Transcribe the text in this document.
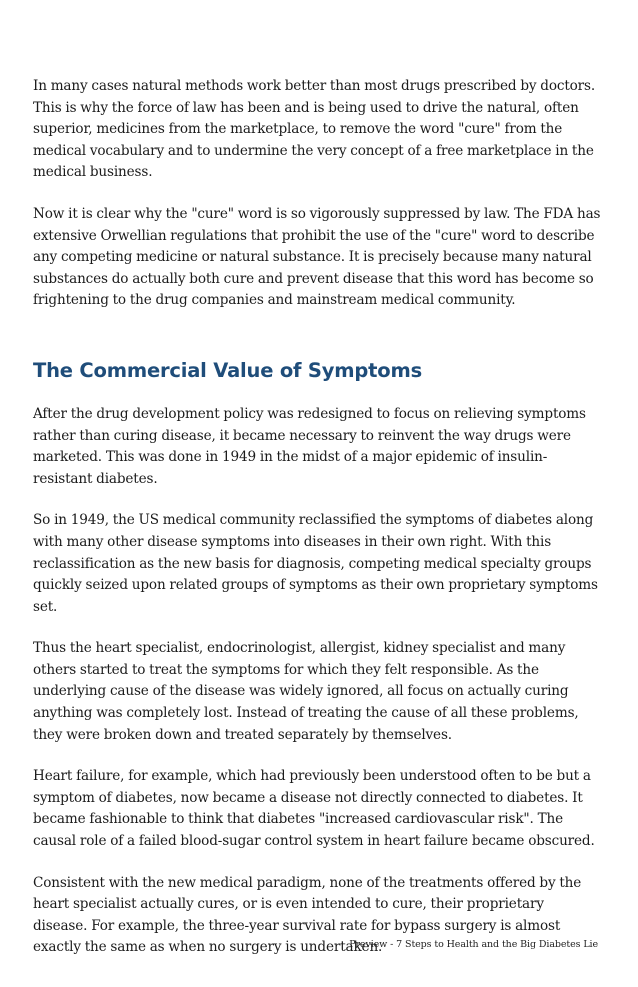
In many cases natural methods work better than most drugs prescribed by doctors. This is why the force of law has been and is being used to drive the natural, often superior, medicines from the marketplace, to remove the word "cure" from the medical vocabulary and to undermine the very concept of a free marketplace in the medical business.

Now it is clear why the "cure" word is so vigorously suppressed by law. The FDA has extensive Orwellian regulations that prohibit the use of the "cure" word to describe any competing medicine or natural substance. It is precisely because many natural substances do actually both cure and prevent disease that this word has become so frightening to the drug companies and mainstream medical community.

The Commercial Value of Symptoms

After the drug development policy was redesigned to focus on relieving symptoms rather than curing disease, it became necessary to reinvent the way drugs were marketed. This was done in 1949 in the midst of a major epidemic of insulin-resistant diabetes.

So in 1949, the US medical community reclassified the symptoms of diabetes along with many other disease symptoms into diseases in their own right. With this reclassification as the new basis for diagnosis, competing medical specialty groups quickly seized upon related groups of symptoms as their own proprietary symptoms set.

Thus the heart specialist, endocrinologist, allergist, kidney specialist and many others started to treat the symptoms for which they felt responsible. As the underlying cause of the disease was widely ignored, all focus on actually curing anything was completely lost. Instead of treating the cause of all these problems, they were broken down and treated separately by themselves.

Heart failure, for example, which had previously been understood often to be but a symptom of diabetes, now became a disease not directly connected to diabetes. It became fashionable to think that diabetes "increased cardiovascular risk". The causal role of a failed blood-sugar control system in heart failure became obscured.

Consistent with the new medical paradigm, none of the treatments offered by the heart specialist actually cures, or is even intended to cure, their proprietary disease. For example, the three-year survival rate for bypass surgery is almost exactly the same as when no surgery is undertaken.

Preview - 7 Steps to Health and the Big Diabetes Lie
